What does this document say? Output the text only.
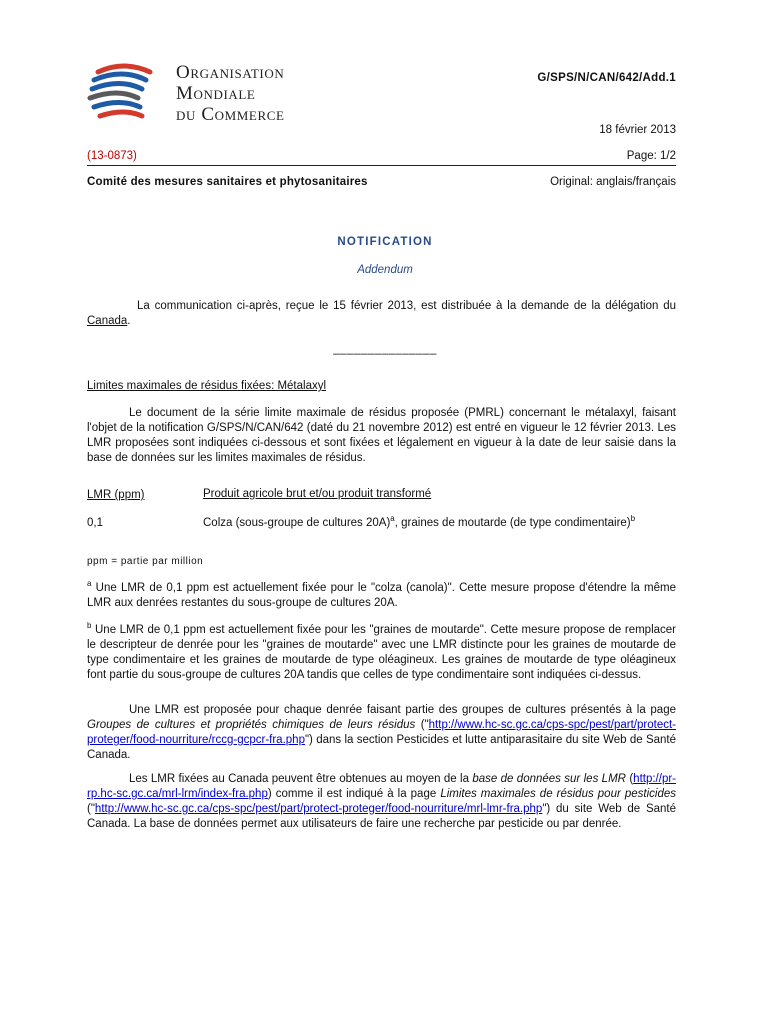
Organisation
Mondiale
du Commerce
G/SPS/N/CAN/642/Add.1
18 février 2013
(13-0873)	Page: 1/2
Comité des mesures sanitaires et phytosanitaires	Original: anglais/français
NOTIFICATION
Addendum
La communication ci-après, reçue le 15 février 2013, est distribuée à la demande de la délégation du Canada.
_______________
Limites maximales de résidus fixées: Métalaxyl
Le document de la série limite maximale de résidus proposée (PMRL) concernant le métalaxyl, faisant l'objet de la notification G/SPS/N/CAN/642 (daté du 21 novembre 2012) est entré en vigueur le 12 février 2013. Les LMR proposées sont indiquées ci-dessous et sont fixées et légalement en vigueur à la date de leur saisie dans la base de données sur les limites maximales de résidus.
LMR (ppm)	Produit agricole brut et/ou produit transformé
0,1	Colza (sous-groupe de cultures 20A)$^a$, graines de moutarde (de type condimentaire)$^b$
ppm = partie par million
$^a$ Une LMR de 0,1 ppm est actuellement fixée pour le "colza (canola)". Cette mesure propose d'étendre la même LMR aux denrées restantes du sous-groupe de cultures 20A.
$^b$ Une LMR de 0,1 ppm est actuellement fixée pour les "graines de moutarde". Cette mesure propose de remplacer le descripteur de denrée pour les "graines de moutarde" avec une LMR distincte pour les graines de moutarde de type condimentaire et les graines de moutarde de type oléagineux. Les graines de moutarde de type oléagineux font partie du sous-groupe de cultures 20A tandis que celles de type condimentaire sont indiquées ci-dessus.
Une LMR est proposée pour chaque denrée faisant partie des groupes de cultures présentés à la page Groupes de cultures et propriétés chimiques de leurs résidus ("http://www.hc-sc.gc.ca/cps-spc/pest/part/protect-proteger/food-nourriture/rccg-gcpcr-fra.php") dans la section Pesticides et lutte antiparasitaire du site Web de Santé Canada.
Les LMR fixées au Canada peuvent être obtenues au moyen de la base de données sur les LMR (http://pr-rp.hc-sc.gc.ca/mrl-lrm/index-fra.php) comme il est indiqué à la page Limites maximales de résidus pour pesticides ("http://www.hc-sc.gc.ca/cps-spc/pest/part/protect-proteger/food-nourriture/mrl-lmr-fra.php") du site Web de Santé Canada. La base de données permet aux utilisateurs de faire une recherche par pesticide ou par denrée.
